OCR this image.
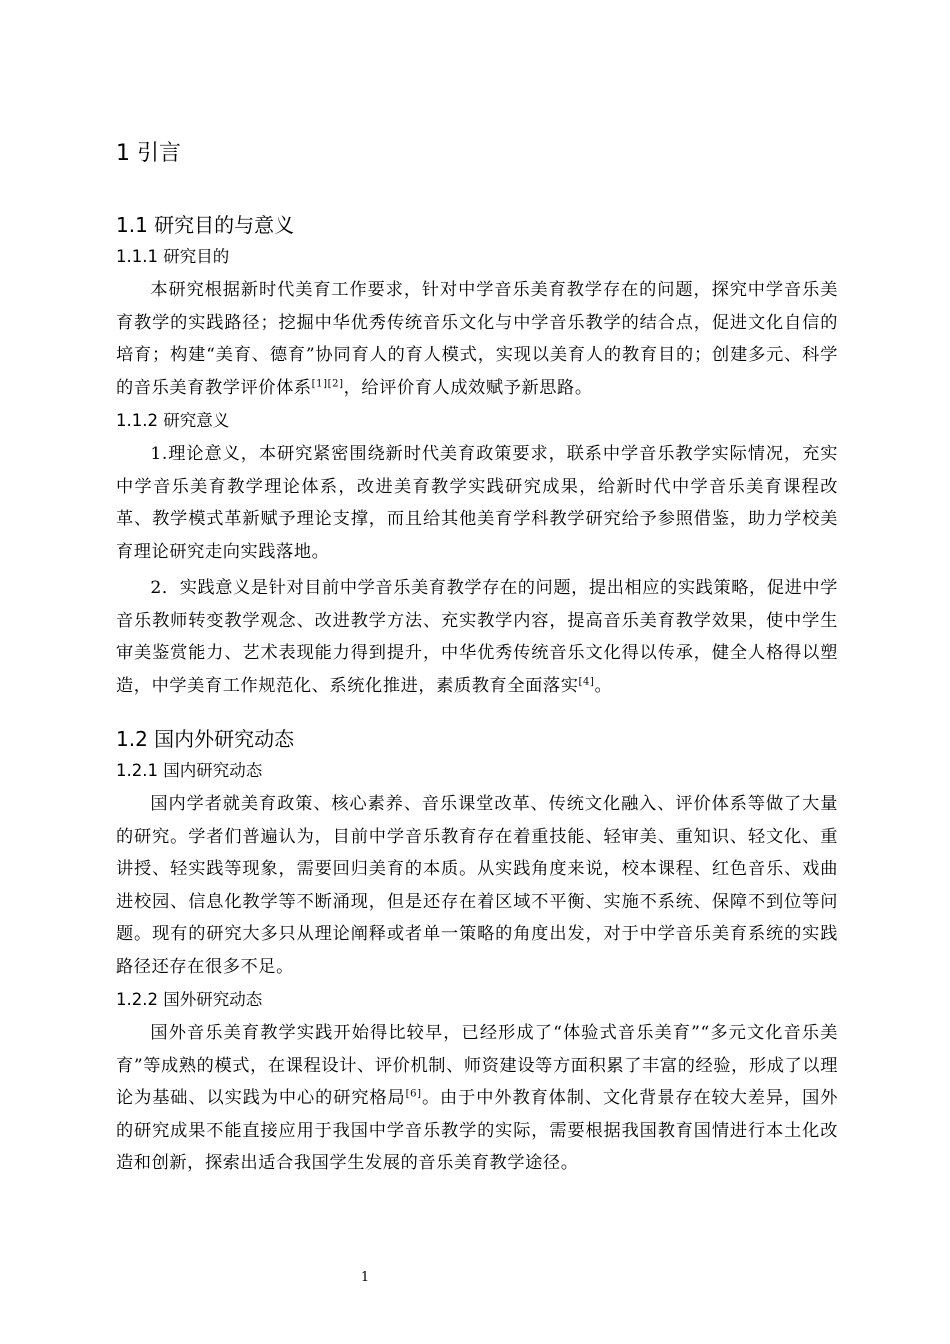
1 引言
1.1 研究目的与意义
1.1.1 研究目的

本研究根据新时代美育工作要求，针对中学音乐美育教学存在的问题，探究中学音乐美育教学的实践路径；挖掘中华优秀传统音乐文化与中学音乐教学的结合点，促进文化自信的培育；构建“美育、德育”协同育人的育人模式，实现以美育人的教育目的；创建多元、科学的音乐美育教学评价体系[1][2]，给评价育人成效赋予新思路。

1.1.2 研究意义

1.理论意义，本研究紧密围绕新时代美育政策要求，联系中学音乐教学实际情况，充实中学音乐美育教学理论体系，改进美育教学实践研究成果，给新时代中学音乐美育课程改革、教学模式革新赋予理论支撑，而且给其他美育学科教学研究给予参照借鉴，助力学校美育理论研究走向实践落地。

2．实践意义是针对目前中学音乐美育教学存在的问题，提出相应的实践策略，促进中学音乐教师转变教学观念、改进教学方法、充实教学内容，提高音乐美育教学效果，使中学生审美鉴赏能力、艺术表现能力得到提升，中华优秀传统音乐文化得以传承，健全人格得以塑造，中学美育工作规范化、系统化推进，素质教育全面落实[4]。

1.2 国内外研究动态
1.2.1 国内研究动态

国内学者就美育政策、核心素养、音乐课堂改革、传统文化融入、评价体系等做了大量的研究。学者们普遍认为，目前中学音乐教育存在着重技能、轻审美、重知识、轻文化、重讲授、轻实践等现象，需要回归美育的本质。从实践角度来说，校本课程、红色音乐、戏曲进校园、信息化教学等不断涌现，但是还存在着区域不平衡、实施不系统、保障不到位等问题。现有的研究大多只从理论阐释或者单一策略的角度出发，对于中学音乐美育系统的实践路径还存在很多不足。

1.2.2 国外研究动态

国外音乐美育教学实践开始得比较早，已经形成了“体验式音乐美育”“多元文化音乐美育”等成熟的模式，在课程设计、评价机制、师资建设等方面积累了丰富的经验，形成了以理论为基础、以实践为中心的研究格局[6]。由于中外教育体制、文化背景存在较大差异，国外的研究成果不能直接应用于我国中学音乐教学的实际，需要根据我国教育国情进行本土化改造和创新，探索出适合我国学生发展的音乐美育教学途径。

1
